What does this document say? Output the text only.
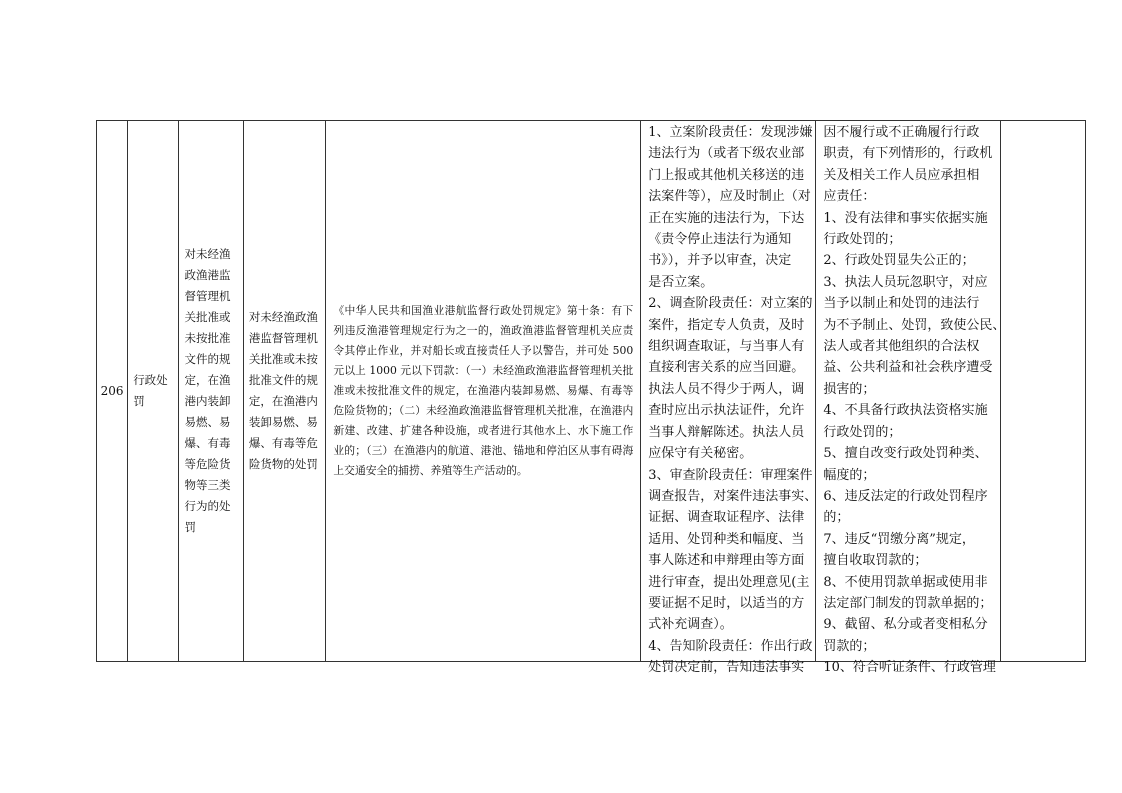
206

行政处罚

对未经渔政渔港监督管理机关批准或未按批准文件的规定，在渔港内装卸易燃、易爆、有毒等危险货物等三类行为的处罚

对未经渔政渔港监督管理机关批准或未按批准文件的规定，在渔港内装卸易燃、易爆、有毒等危险货物的处罚

《中华人民共和国渔业港航监督行政处罚规定》第十条：有下列违反渔港管理规定行为之一的，渔政渔港监督管理机关应责令其停止作业，并对船长或直接责任人予以警告，并可处 500 元以上 1000 元以下罚款：（一）未经渔政渔港监督管理机关批准或未按批准文件的规定，在渔港内装卸易燃、易爆、有毒等危险货物的；（二）未经渔政渔港监督管理机关批准，在渔港内新建、改建、扩建各种设施，或者进行其他水上、水下施工作业的；（三）在渔港内的航道、港池、锚地和停泊区从事有碍海上交通安全的捕捞、养殖等生产活动的。

1、立案阶段责任：发现涉嫌
违法行为（或者下级农业部
门上报或其他机关移送的违
法案件等），应及时制止（对
正在实施的违法行为，下达
《责令停止违法行为通知
书》），并予以审查，决定
是否立案。
2、调查阶段责任：对立案的
案件，指定专人负责，及时
组织调查取证，与当事人有
直接利害关系的应当回避。
执法人员不得少于两人，调
查时应出示执法证件，允许
当事人辩解陈述。执法人员
应保守有关秘密。
3、审查阶段责任：审理案件
调查报告，对案件违法事实、
证据、调查取证程序、法律
适用、处罚种类和幅度、当
事人陈述和申辩理由等方面
进行审查，提出处理意见(主
要证据不足时，以适当的方
式补充调查）。
4、告知阶段责任：作出行政
处罚决定前，告知违法事实

因不履行或不正确履行行政
职责，有下列情形的，行政机
关及相关工作人员应承担相
应责任：
1、没有法律和事实依据实施
行政处罚的；
2、行政处罚显失公正的；
3、执法人员玩忽职守，对应
当予以制止和处罚的违法行
为不予制止、处罚，致使公民、
法人或者其他组织的合法权
益、公共利益和社会秩序遭受
损害的；
4、不具备行政执法资格实施
行政处罚的；
5、擅自改变行政处罚种类、
幅度的；
6、违反法定的行政处罚程序
的；
7、违反“罚缴分离”规定，
擅自收取罚款的；
8、不使用罚款单据或使用非
法定部门制发的罚款单据的；
9、截留、私分或者变相私分
罚款的；
10、符合听证条件、行政管理
